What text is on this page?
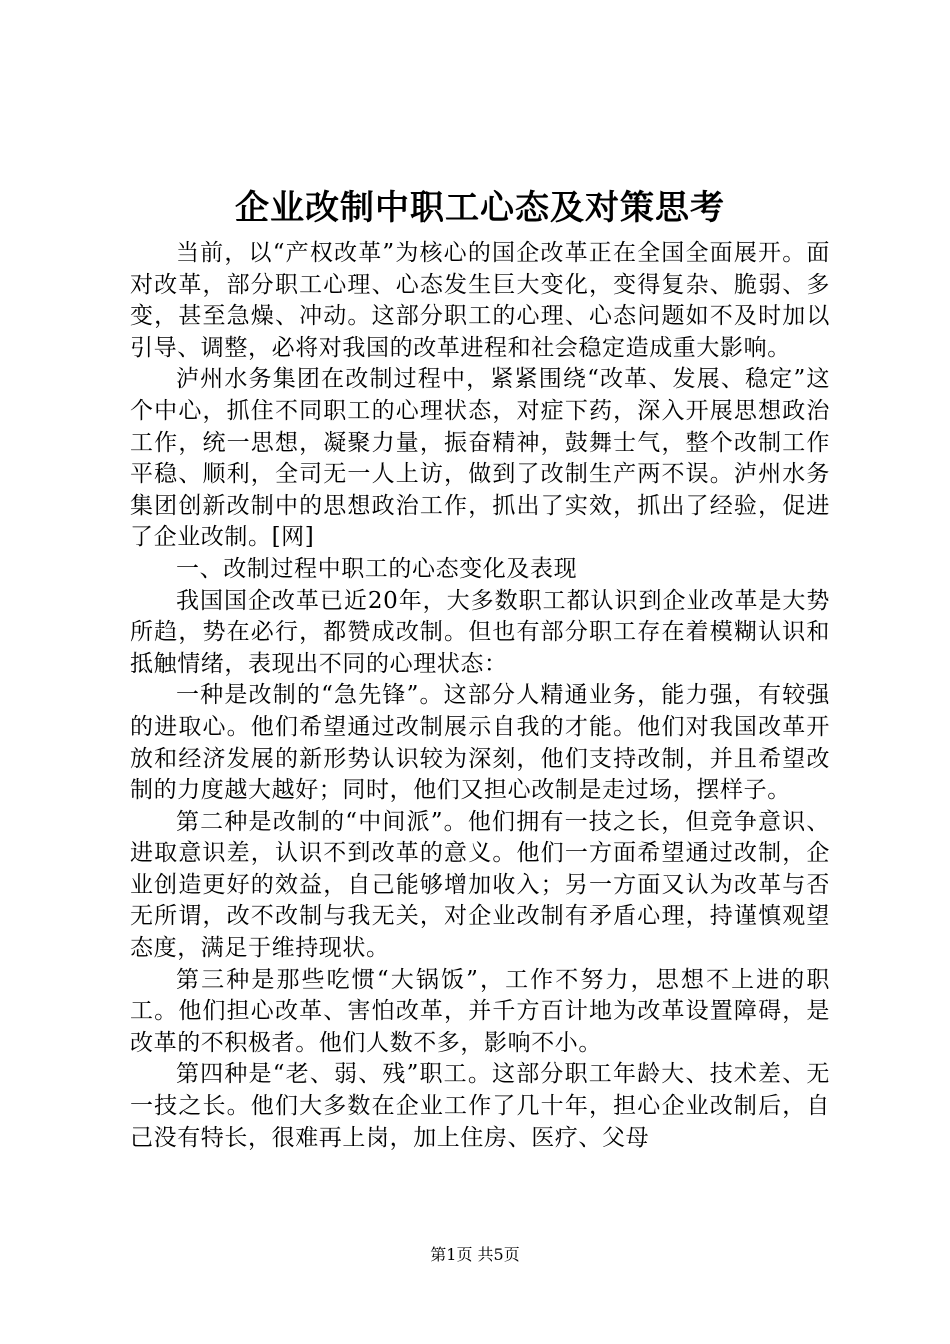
企业改制中职工心态及对策思考

当前，以“产权改革”为核心的国企改革正在全国全面展开。面对改革，部分职工心理、心态发生巨大变化，变得复杂、脆弱、多变，甚至急燥、冲动。这部分职工的心理、心态问题如不及时加以引导、调整，必将对我国的改革进程和社会稳定造成重大影响。

泸州水务集团在改制过程中，紧紧围绕“改革、发展、稳定”这个中心，抓住不同职工的心理状态，对症下药，深入开展思想政治工作，统一思想，凝聚力量，振奋精神，鼓舞士气，整个改制工作平稳、顺利，全司无一人上访，做到了改制生产两不误。泸州水务集团创新改制中的思想政治工作，抓出了实效，抓出了经验，促进了企业改制。[网]

一、改制过程中职工的心态变化及表现

我国国企改革已近20年，大多数职工都认识到企业改革是大势所趋，势在必行，都赞成改制。但也有部分职工存在着模糊认识和抵触情绪，表现出不同的心理状态：

一种是改制的“急先锋”。这部分人精通业务，能力强，有较强的进取心。他们希望通过改制展示自我的才能。他们对我国改革开放和经济发展的新形势认识较为深刻，他们支持改制，并且希望改制的力度越大越好；同时，他们又担心改制是走过场，摆样子。

第二种是改制的“中间派”。他们拥有一技之长，但竞争意识、进取意识差，认识不到改革的意义。他们一方面希望通过改制，企业创造更好的效益，自己能够增加收入；另一方面又认为改革与否无所谓，改不改制与我无关，对企业改制有矛盾心理，持谨慎观望态度，满足于维持现状。

第三种是那些吃惯“大锅饭”，工作不努力，思想不上进的职工。他们担心改革、害怕改革，并千方百计地为改革设置障碍，是改革的不积极者。他们人数不多，影响不小。

第四种是“老、弱、残”职工。这部分职工年龄大、技术差、无一技之长。他们大多数在企业工作了几十年，担心企业改制后，自己没有特长，很难再上岗，加上住房、医疗、父母

第1页 共5页
